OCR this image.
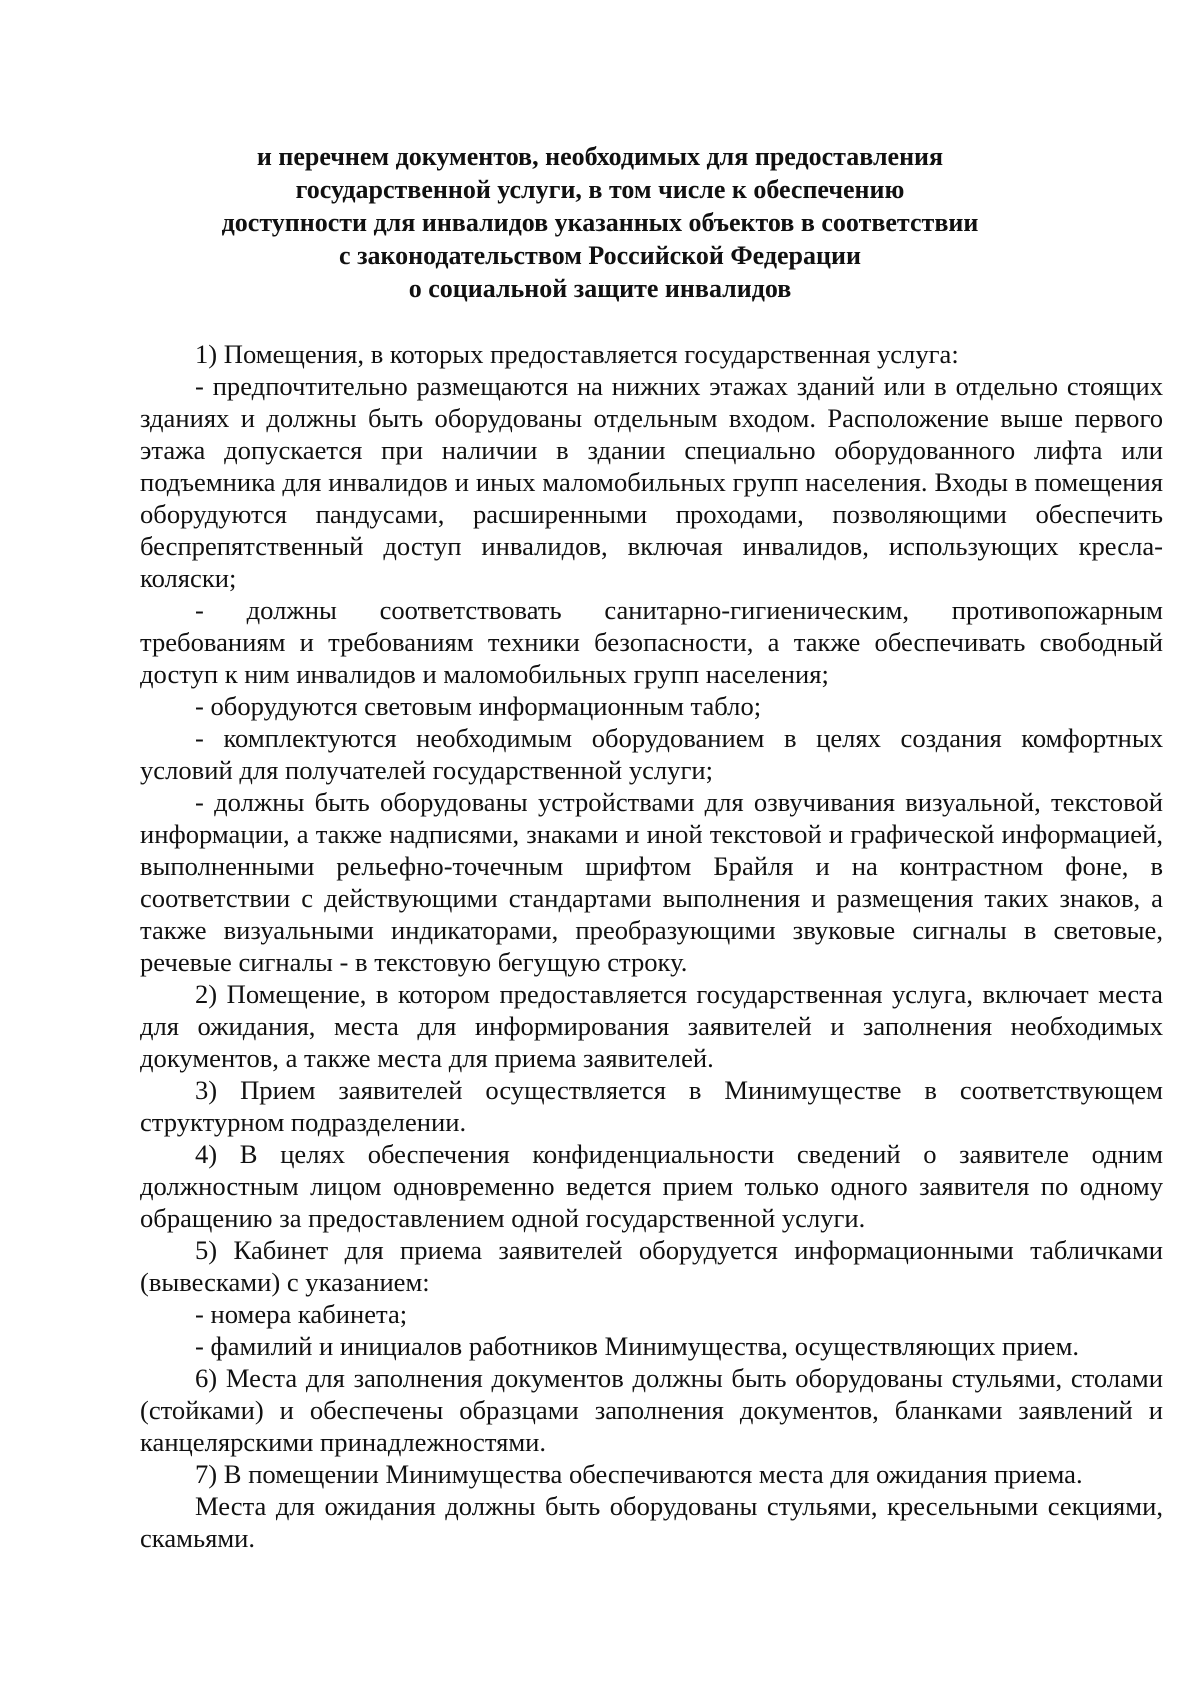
и перечнем документов, необходимых для предоставления
государственной услуги, в том числе к обеспечению
доступности для инвалидов указанных объектов в соответствии
с законодательством Российской Федерации
о социальной защите инвалидов

1) Помещения, в которых предоставляется государственная услуга:

- предпочтительно размещаются на нижних этажах зданий или в отдельно стоящих зданиях и должны быть оборудованы отдельным входом. Расположение выше первого этажа допускается при наличии в здании специально оборудованного лифта или подъемника для инвалидов и иных маломобильных групп населения. Входы в помещения оборудуются пандусами, расширенными проходами, позволяющими обеспечить беспрепятственный доступ инвалидов, включая инвалидов, использующих кресла-коляски;

- должны соответствовать санитарно-гигиеническим, противопожарным требованиям и требованиям техники безопасности, а также обеспечивать свободный доступ к ним инвалидов и маломобильных групп населения;

- оборудуются световым информационным табло;

- комплектуются необходимым оборудованием в целях создания комфортных условий для получателей государственной услуги;

- должны быть оборудованы устройствами для озвучивания визуальной, текстовой информации, а также надписями, знаками и иной текстовой и графической информацией, выполненными рельефно-точечным шрифтом Брайля и на контрастном фоне, в соответствии с действующими стандартами выполнения и размещения таких знаков, а также визуальными индикаторами, преобразующими звуковые сигналы в световые, речевые сигналы - в текстовую бегущую строку.

2) Помещение, в котором предоставляется государственная услуга, включает места для ожидания, места для информирования заявителей и заполнения необходимых документов, а также места для приема заявителей.

3) Прием заявителей осуществляется в Минимуществе в соответствующем структурном подразделении.

4) В целях обеспечения конфиденциальности сведений о заявителе одним должностным лицом одновременно ведется прием только одного заявителя по одному обращению за предоставлением одной государственной услуги.

5) Кабинет для приема заявителей оборудуется информационными табличками (вывесками) с указанием:

- номера кабинета;

- фамилий и инициалов работников Минимущества, осуществляющих прием.

6) Места для заполнения документов должны быть оборудованы стульями, столами (стойками) и обеспечены образцами заполнения документов, бланками заявлений и канцелярскими принадлежностями.

7) В помещении Минимущества обеспечиваются места для ожидания приема.

Места для ожидания должны быть оборудованы стульями, кресельными секциями, скамьями.
